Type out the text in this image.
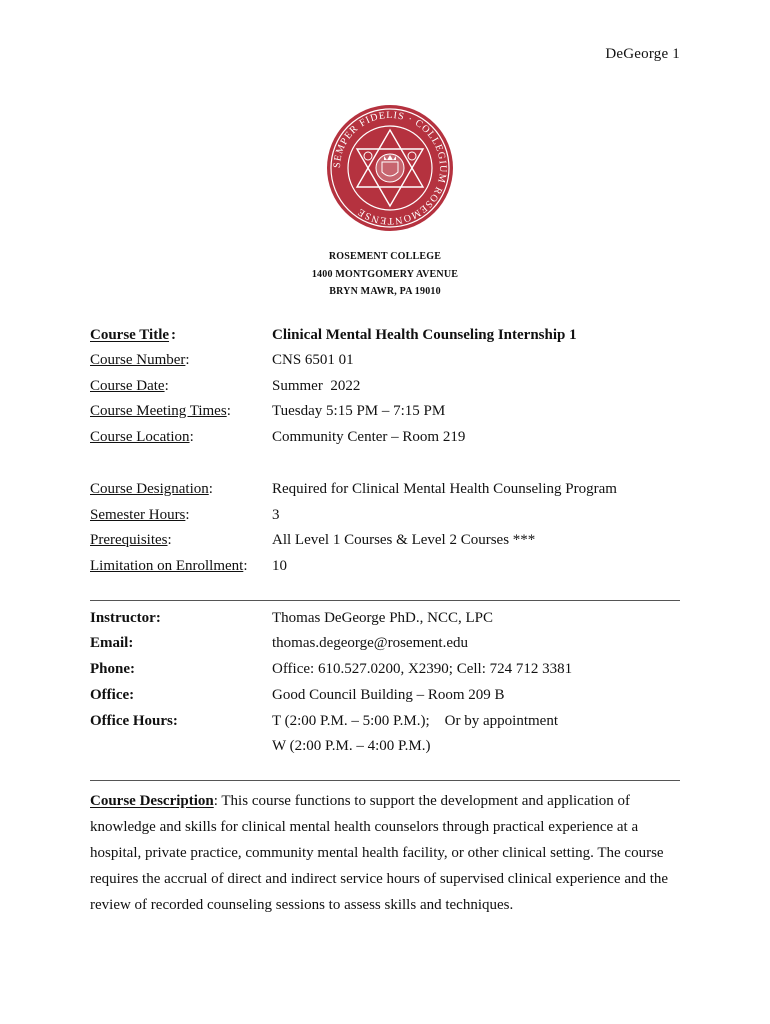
DeGeorge 1
SEMPER FIDELIS · COLLEGIUM ROSEMONTENSE
ROSEMENT COLLEGE
1400 MONTGOMERY AVENUE
BRYN MAWR, PA 19010
Course Title :	Clinical Mental Health Counseling Internship 1
Course Number:	CNS 6501 01
Course Date:	Summer  2022
Course Meeting Times:	Tuesday 5:15 PM – 7:15 PM
Course Location:	Community Center – Room 219
Course Designation:	Required for Clinical Mental Health Counseling Program
Semester Hours:	3
Prerequisites:	All Level 1 Courses & Level 2 Courses ***
Limitation on Enrollment: 10
Instructor:	Thomas DeGeorge PhD., NCC, LPC
Email:	thomas.degeorge@rosement.edu
Phone:	Office: 610.527.0200, X2390; Cell: 724 712 3381
Office:	Good Council Building – Room 209 B
Office Hours:	T (2:00 P.M. – 5:00 P.M.);    Or by appointment
W (2:00 P.M. – 4:00 P.M.)
Course Description: This course functions to support the development and application of
knowledge and skills for clinical mental health counselors through practical experience at a
hospital, private practice, community mental health facility, or other clinical setting. The course
requires the accrual of direct and indirect service hours of supervised clinical experience and the
review of recorded counseling sessions to assess skills and techniques.
